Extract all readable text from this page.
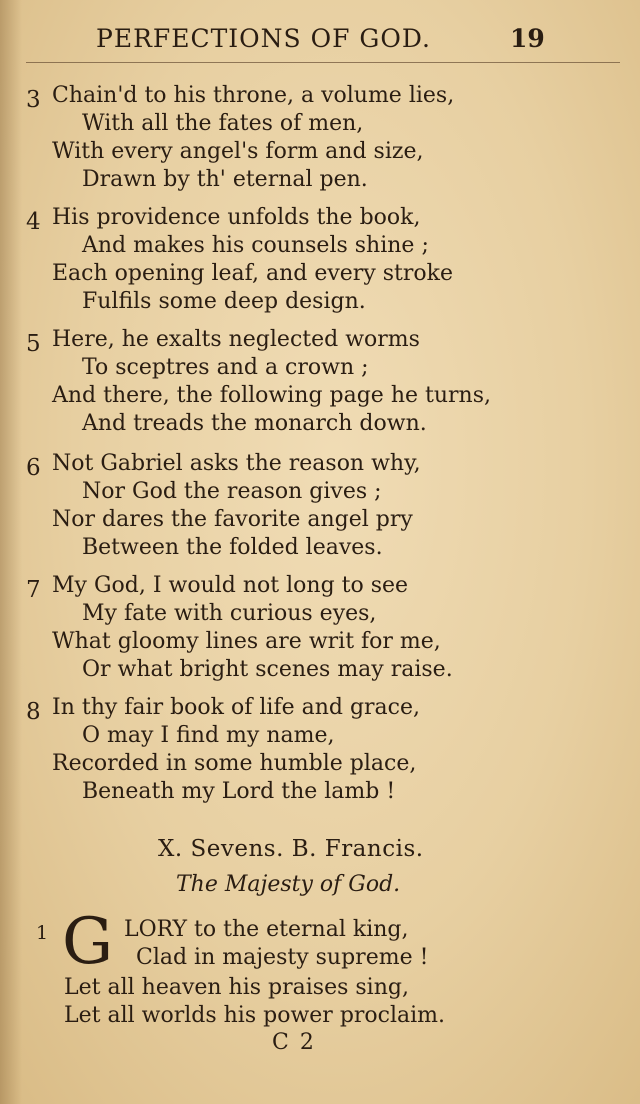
PERFECTIONS OF GOD.	19
3 Chain'd to his throne, a volume lies,
With all the fates of men,
With every angel's form and size,
Drawn by th' eternal pen.
4 His providence unfolds the book,
And makes his counsels shine ;
Each opening leaf, and every stroke
Fulfils some deep design.
5 Here, he exalts neglected worms
To sceptres and a crown ;
And there, the following page he turns,
And treads the monarch down.
6 Not Gabriel asks the reason why,
Nor God the reason gives ;
Nor dares the favorite angel pry
Between the folded leaves.
7 My God, I would not long to see
My fate with curious eyes,
What gloomy lines are writ for me,
Or what bright scenes may raise.
8 In thy fair book of life and grace,
O may I find my name,
Recorded in some humble place,
Beneath my Lord the lamb !
X. Sevens. B. Francis.
The Majesty of God.
1 G LORY to the eternal king,
Clad in majesty supreme !
Let all heaven his praises sing,
Let all worlds his power proclaim.
C 2
